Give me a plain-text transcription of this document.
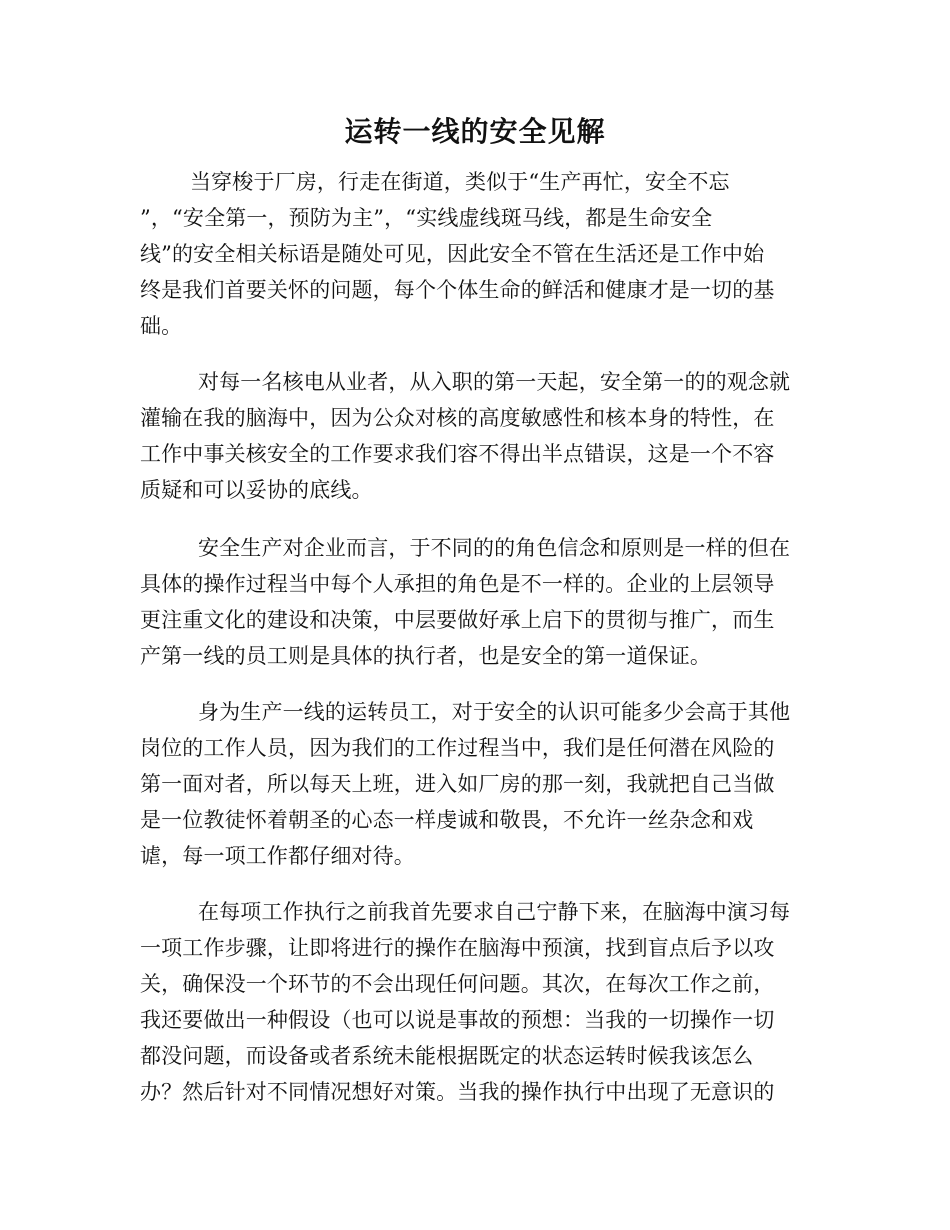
运转一线的安全见解
当穿梭于厂房，行走在街道，类似于“生产再忙，安全不忘
”，“安全第一，预防为主”，“实线虚线斑马线，都是生命安全
线”的安全相关标语是随处可见，因此安全不管在生活还是工作中始
终是我们首要关怀的问题，每个个体生命的鲜活和健康才是一切的基
础。
对每一名核电从业者，从入职的第一天起，安全第一的的观念就
灌输在我的脑海中，因为公众对核的高度敏感性和核本身的特性，在
工作中事关核安全的工作要求我们容不得出半点错误，这是一个不容
质疑和可以妥协的底线。
安全生产对企业而言，于不同的的角色信念和原则是一样的但在
具体的操作过程当中每个人承担的角色是不一样的。企业的上层领导
更注重文化的建设和决策，中层要做好承上启下的贯彻与推广，而生
产第一线的员工则是具体的执行者，也是安全的第一道保证。
身为生产一线的运转员工，对于安全的认识可能多少会高于其他
岗位的工作人员，因为我们的工作过程当中，我们是任何潜在风险的
第一面对者，所以每天上班，进入如厂房的那一刻，我就把自己当做
是一位教徒怀着朝圣的心态一样虔诚和敬畏，不允许一丝杂念和戏
谑，每一项工作都仔细对待。
在每项工作执行之前我首先要求自己宁静下来，在脑海中演习每
一项工作步骤，让即将进行的操作在脑海中预演，找到盲点后予以攻
关，确保没一个环节的不会出现任何问题。其次，在每次工作之前，
我还要做出一种假设（也可以说是事故的预想：当我的一切操作一切
都没问题，而设备或者系统未能根据既定的状态运转时候我该怎么
办？然后针对不同情况想好对策。当我的操作执行中出现了无意识的
